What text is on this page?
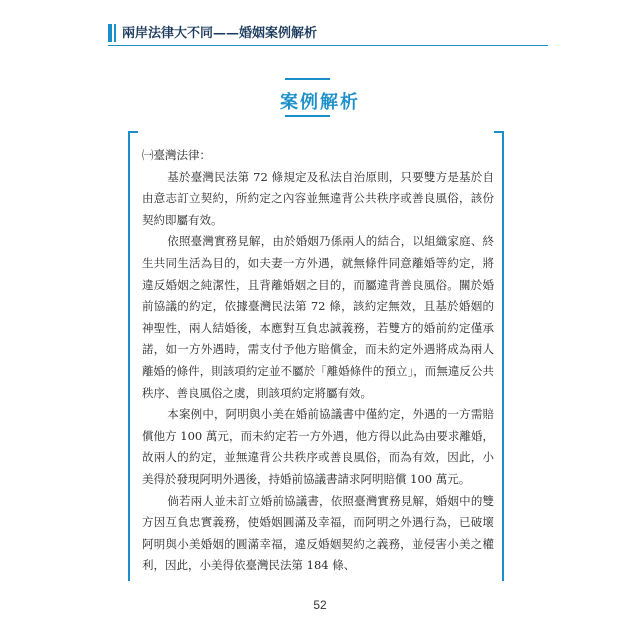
兩岸法律大不同——婚姻案例解析
案例解析

㈠臺灣法律：

基於臺灣民法第 72 條規定及私法自治原則，只要雙方是基於自由意志訂立契約，所約定之內容並無違背公共秩序或善良風俗，該份契約即屬有效。

依照臺灣實務見解，由於婚姻乃係兩人的結合，以組織家庭、終生共同生活為目的，如夫妻一方外遇，就無條件同意離婚等約定，將違反婚姻之純潔性，且背離婚姻之目的，而屬違背善良風俗。關於婚前協議的約定，依據臺灣民法第 72 條，該約定無效，且基於婚姻的神聖性，兩人結婚後，本應對互負忠誠義務，若雙方的婚前約定僅承諾，如一方外遇時，需支付予他方賠償金，而未約定外遇將成為兩人離婚的條件，則該項約定並不屬於「離婚條件的預立」，而無違反公共秩序、善良風俗之虞，則該項約定將屬有效。

本案例中，阿明與小美在婚前協議書中僅約定，外遇的一方需賠償他方 100 萬元，而未約定若一方外遇，他方得以此為由要求離婚，故兩人的約定，並無違背公共秩序或善良風俗，而為有效，因此，小美得於發現阿明外遇後，持婚前協議書請求阿明賠償 100 萬元。

倘若兩人並未訂立婚前協議書，依照臺灣實務見解，婚姻中的雙方因互負忠實義務，使婚姻圓滿及幸福，而阿明之外遇行為，已破壞阿明與小美婚姻的圓滿幸福，違反婚姻契約之義務，並侵害小美之權利，因此，小美得依臺灣民法第 184 條、

52
